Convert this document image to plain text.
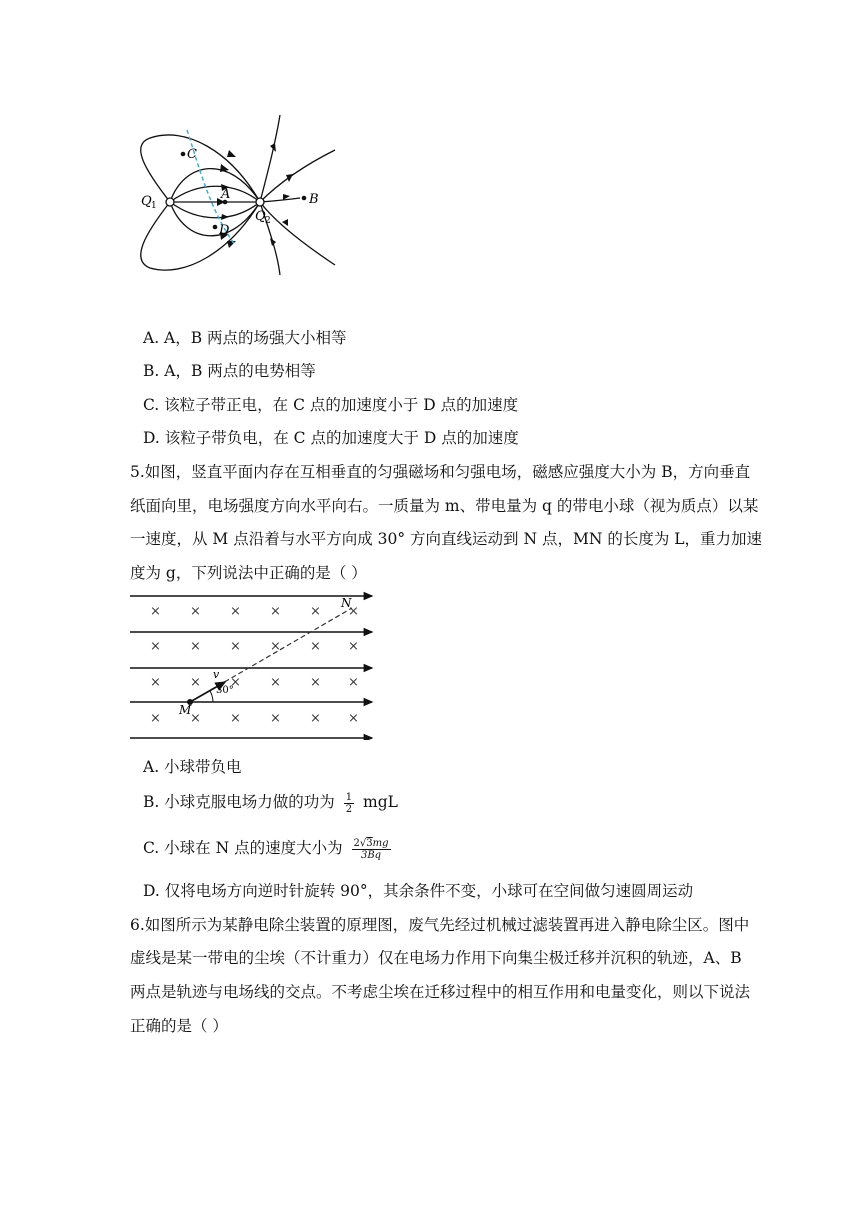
C
A
D
B
Q 1
Q 2
A. A，B 两点的场强大小相等
B. A，B 两点的电势相等
C. 该粒子带正电，在 C 点的加速度小于 D 点的加速度
D. 该粒子带负电，在 C 点的加速度大于 D 点的加速度
5.如图，竖直平面内存在互相垂直的匀强磁场和匀强电场，磁感应强度大小为 B，方向垂直
纸面向里，电场强度方向水平向右。一质量为 m、带电量为 q 的带电小球（视为质点）以某
一速度，从 M 点沿着与水平方向成 30° 方向直线运动到 N 点，MN 的长度为 L，重力加速
度为 g，下列说法中正确的是（ ）
× × × × × ×
× × × × × ×
× × × × × ×
× × × × × ×
N
M
v
30°
A. 小球带负电
B. 小球克服电场力做的功为 $\frac{1}{2}$ mgL
C. 小球在 N 点的速度大小为 $\frac{2√3mg}{3Bq}$
D. 仅将电场方向逆时针旋转 90°，其余条件不变，小球可在空间做匀速圆周运动
6.如图所示为某静电除尘装置的原理图，废气先经过机械过滤装置再进入静电除尘区。图中
虚线是某一带电的尘埃（不计重力）仅在电场力作用下向集尘极迁移并沉积的轨迹，A、B
两点是轨迹与电场线的交点。不考虑尘埃在迁移过程中的相互作用和电量变化，则以下说法
正确的是（ ）
